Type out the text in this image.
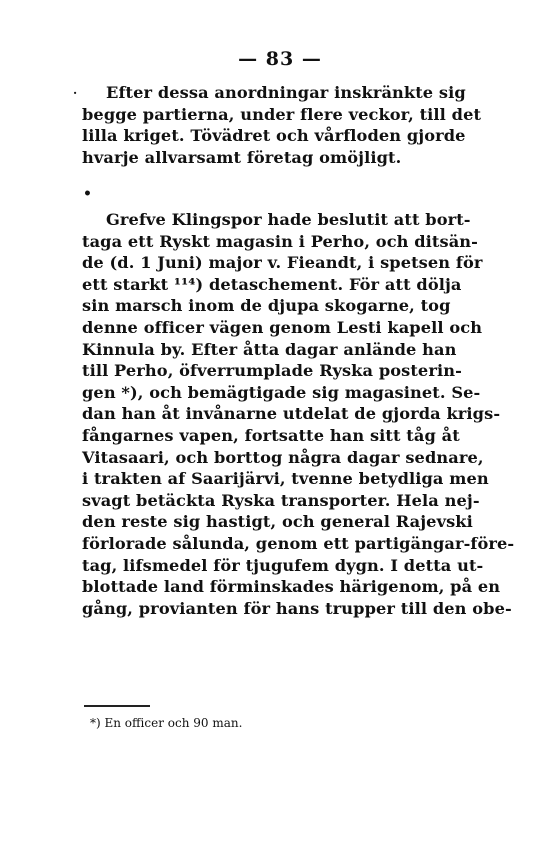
— 83 —
·	Efter dessa anordningar inskränkte sig
begge partierna, under flere veckor, till det
lilla kriget. Tövädret och vårfloden gjorde
hvarje allvarsamt företag omöjligt.
•
Grefve Klingspor hade beslutit att bort-
taga ett Ryskt magasin i Perho, och ditsän-
de (d. 1 Juni) major v. Fieandt, i spetsen för
ett starkt ¹¹⁴) detaschement. För att dölja
sin marsch inom de djupa skogarne, tog
denne officer vägen genom Lesti kapell och
Kinnula by. Efter åtta dagar anlände han
till Perho, öfverrumplade Ryska posterin-
gen *), och bemägtigade sig magasinet. Se-
dan han åt invånarne utdelat de gjorda krigs-
fångarnes vapen, fortsatte han sitt tåg åt
Vitasaari, och borttog några dagar sednare,
i trakten af Saarijärvi, tvenne betydliga men
svagt betäckta Ryska transporter. Hela nej-
den reste sig hastigt, och general Rajevski
förlorade sålunda, genom ett partigängar-före-
tag, lifsmedel för tjugufem dygn. I detta ut-
blottade land förminskades härigenom, på en
gång, provianten för hans trupper till den obe-
*) En officer och 90 man.
